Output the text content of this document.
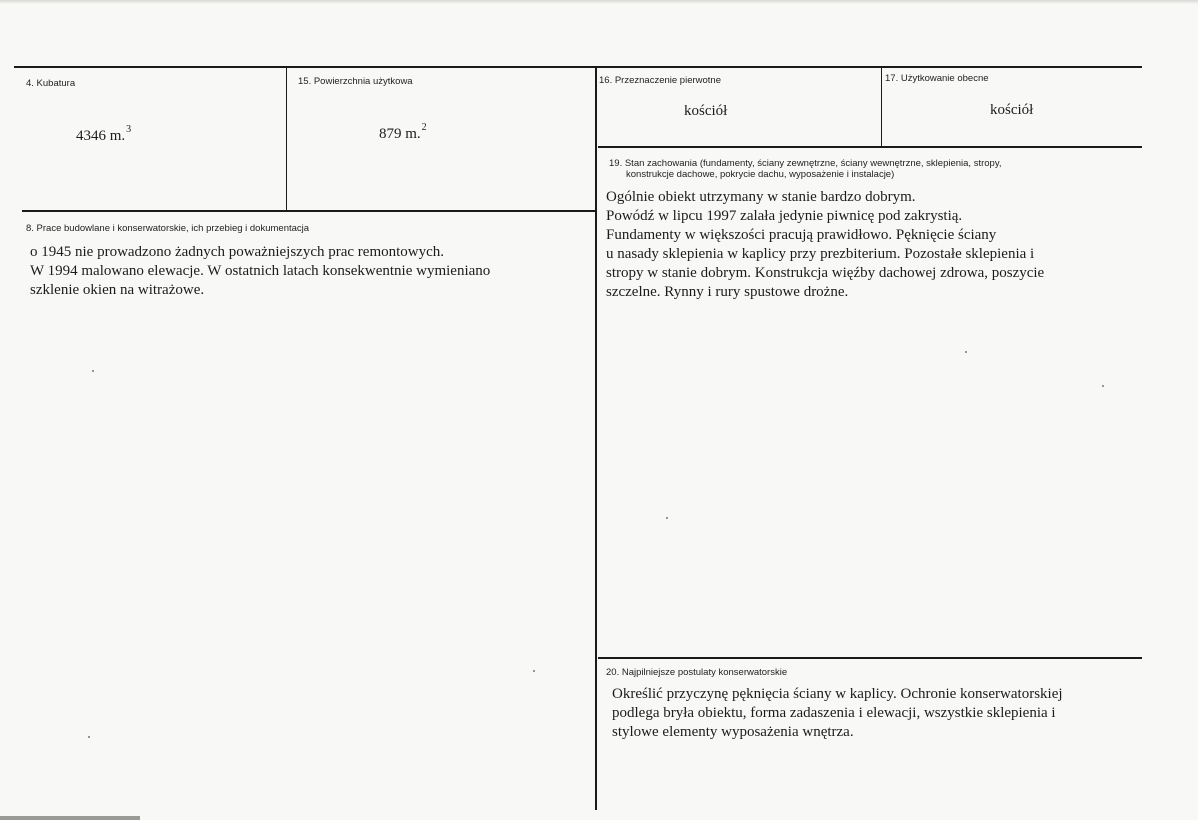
4. Kubatura
4346 m.$^3$
15. Powierzchnia użytkowa
879 m.$^2$
16. Przeznaczenie pierwotne
kościół
17. Użytkowanie obecne
kościół
8. Prace budowlane i konserwatorskie, ich przebieg i dokumentacja
o 1945 nie prowadzono żadnych poważniejszych prac remontowych.
W 1994 malowano elewacje. W ostatnich latach konsekwentnie wymieniano
szklenie okien na witrażowe.
19. Stan zachowania (fundamenty, ściany zewnętrzne, ściany wewnętrzne, sklepienia, stropy,
konstrukcje dachowe, pokrycie dachu, wyposażenie i instalacje)
Ogólnie obiekt utrzymany w stanie bardzo dobrym.
Powódź w lipcu 1997 zalała jedynie piwnicę pod zakrystią.
Fundamenty w większości pracują prawidłowo. Pęknięcie ściany
u nasady sklepienia w kaplicy przy prezbiterium. Pozostałe sklepienia i
stropy w stanie dobrym. Konstrukcja więźby dachowej zdrowa, poszycie
szczelne. Rynny i rury spustowe drożne.
20. Najpilniejsze postulaty konserwatorskie
Określić przyczynę pęknięcia ściany w kaplicy. Ochronie konserwatorskiej
podlega bryła obiektu, forma zadaszenia i elewacji, wszystkie sklepienia i
stylowe elementy wyposażenia wnętrza.
